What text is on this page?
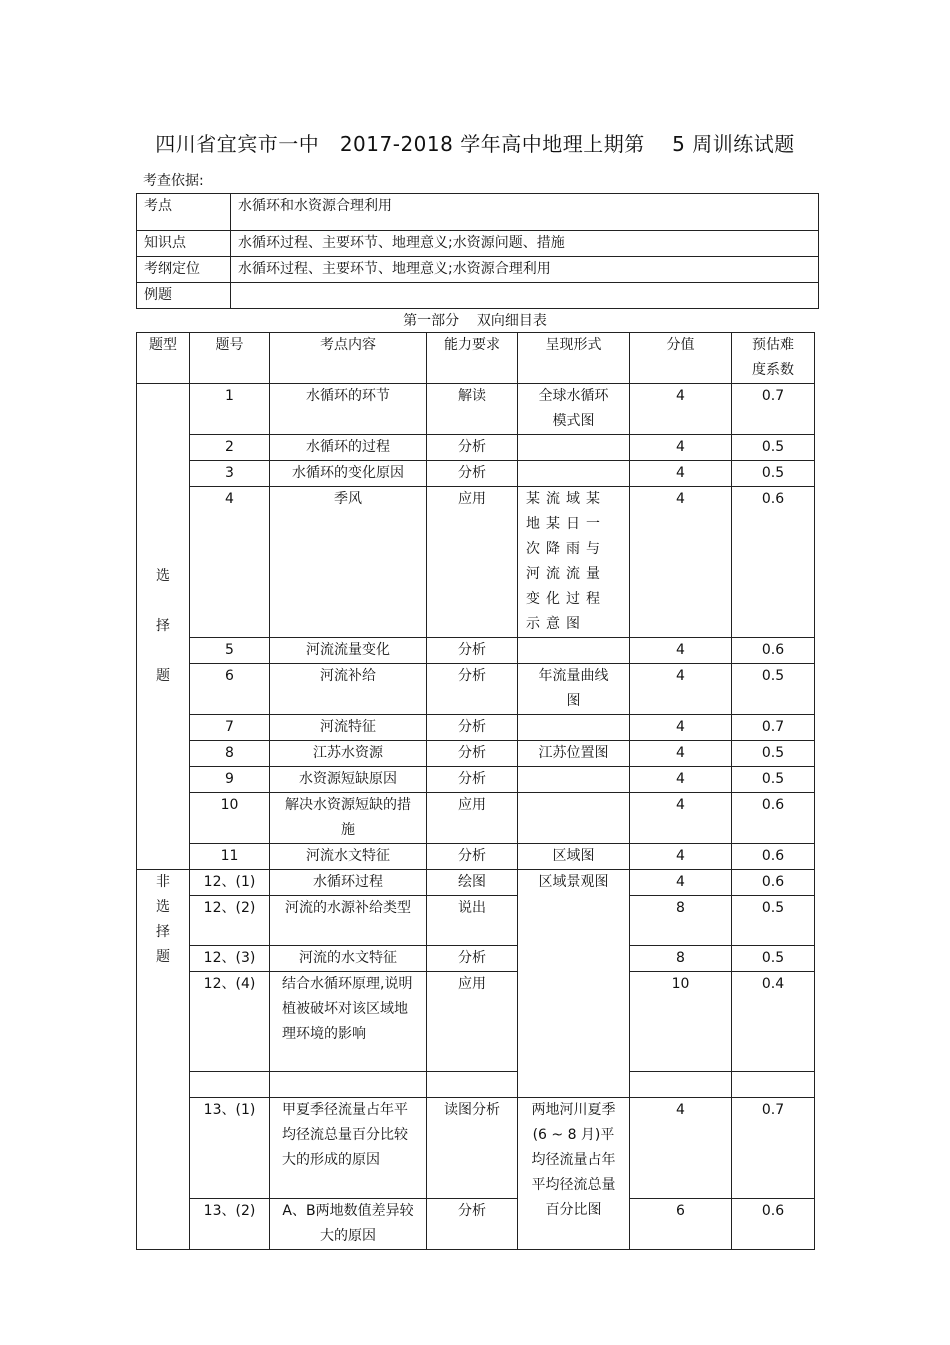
四川省宜宾市一中   2017-2018 学年高中地理上期第    5 周训练试题
考查依据:
考点	水循环和水资源合理利用
知识点	水循环过程、主要环节、地理意义;水资源问题、措施
考纲定位	水循环过程、主要环节、地理意义;水资源合理利用
例题	
第一部分    双向细目表
题型	题号	考点内容	能力要求	呈现形式	分值	预估难度系数
选

择

题	1	水循环的环节	解读	全球水循环模式图	4	0.7
	2	水循环的过程	分析		4	0.5
	3	水循环的变化原因	分析		4	0.5
	4	季风	应用	某流域某地某日一次降雨与河流流量变化过程示意图	4	0.6
	5	河流流量变化	分析		4	0.6
	6	河流补给	分析	年流量曲线图	4	0.5
	7	河流特征	分析		4	0.7
	8	江苏水资源	分析	江苏位置图	4	0.5
	9	水资源短缺原因	分析		4	0.5
	10	解决水资源短缺的措施	应用		4	0.6
	11	河流水文特征	分析	区域图	4	0.6
非
选
择
题	12、(1)	水循环过程	绘图	区域景观图	4	0.6
	12、(2)	河流的水源补给类型	说出		8	0.5
	12、(3)	河流的水文特征	分析		8	0.5
	12、(4)	结合水循环原理,说明植被破坏对该区域地理环境的影响	应用		10	0.4

	13、(1)	甲夏季径流量占年平均径流总量百分比较大的形成的原因	读图分析	两地河川夏季(6 ~ 8 月)平均径流量占年平均径流总量百分比图	4	0.7
	13、(2)	A、B两地数值差异较大的原因	分析		6	0.6
